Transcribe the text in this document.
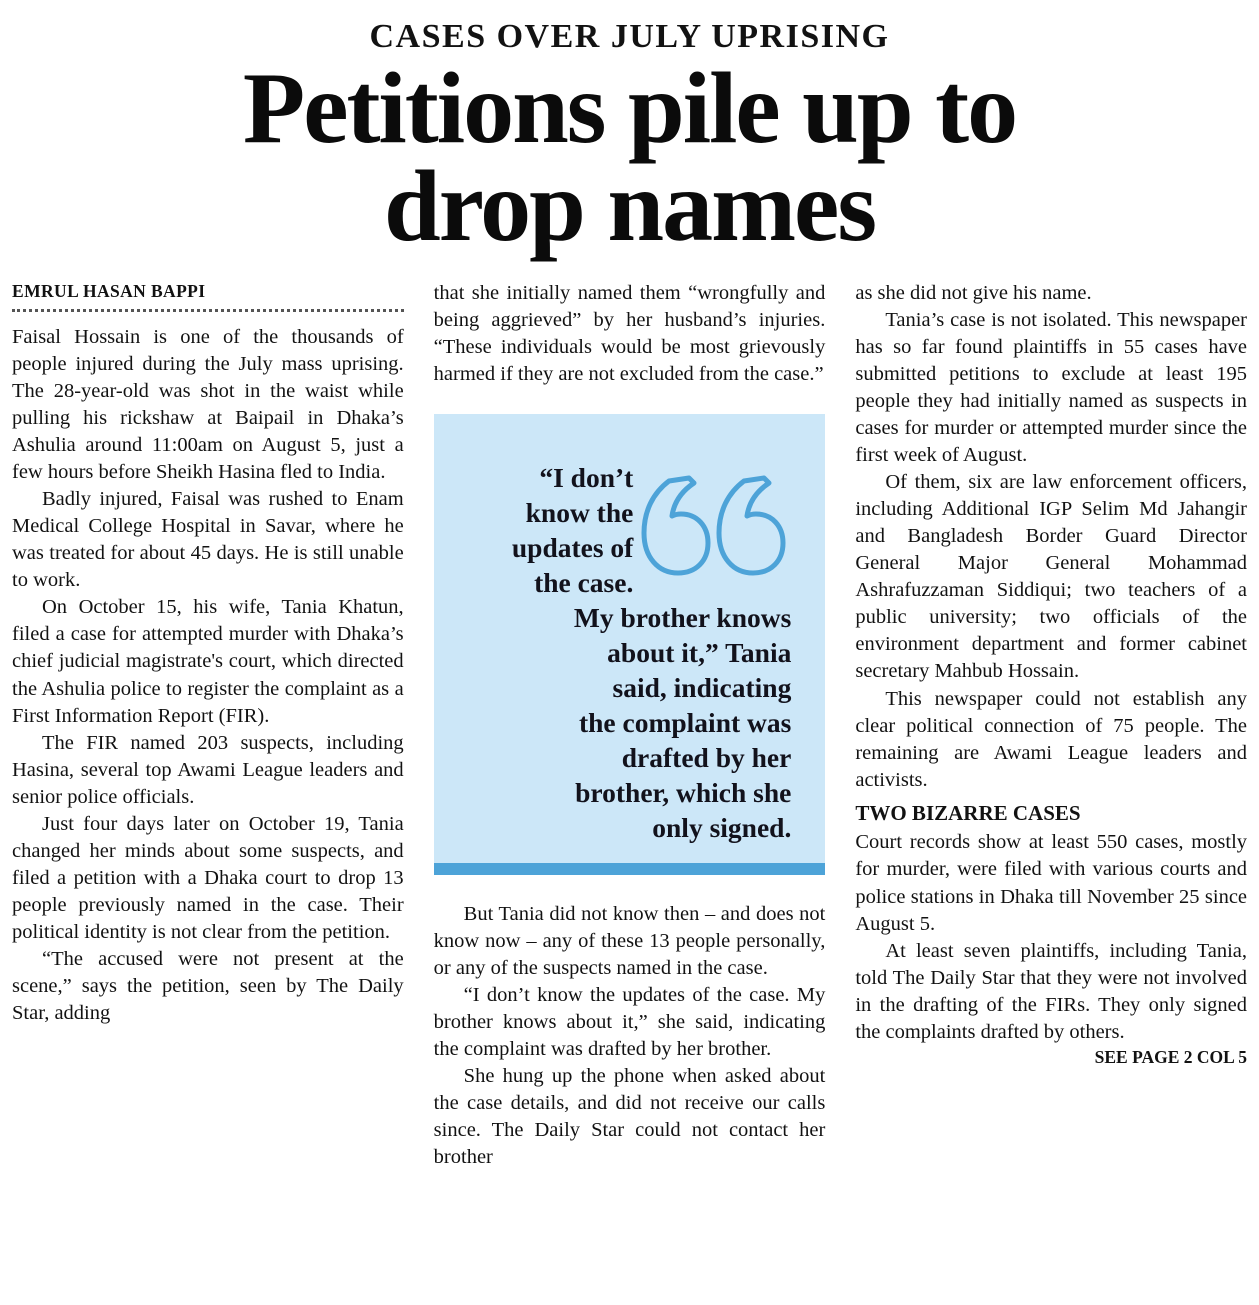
CASES OVER JULY UPRISING
Petitions pile up to
drop names
EMRUL HASAN BAPPI

Faisal Hossain is one of the thousands of people injured during the July mass uprising. The 28-year-old was shot in the waist while pulling his rickshaw at Baipail in Dhaka’s Ashulia around 11:00am on August 5, just a few hours before Sheikh Hasina fled to India.

Badly injured, Faisal was rushed to Enam Medical College Hospital in Savar, where he was treated for about 45 days. He is still unable to work.

On October 15, his wife, Tania Khatun, filed a case for attempted murder with Dhaka’s chief judicial magistrate's court, which directed the Ashulia police to register the complaint as a First Information Report (FIR).

The FIR named 203 suspects, including Hasina, several top Awami League leaders and senior police officials.

Just four days later on October 19, Tania changed her minds about some suspects, and filed a petition with a Dhaka court to drop 13 people previously named in the case. Their political identity is not clear from the petition.

“The accused were not present at the scene,” says the petition, seen by The Daily Star, adding

that she initially named them “wrongfully and being aggrieved” by her husband’s injuries. “These individuals would be most grievously harmed if they are not excluded from the case.”

“I don’t
know the
updates of
the case.
My brother knows
about it,” Tania
said, indicating
the complaint was
drafted by her
brother, which she
only signed.

But Tania did not know then – and does not know now – any of these 13 people personally, or any of the suspects named in the case.

“I don’t know the updates of the case. My brother knows about it,” she said, indicating the complaint was drafted by her brother.

She hung up the phone when asked about the case details, and did not receive our calls since. The Daily Star could not contact her brother

as she did not give his name.

Tania’s case is not isolated. This newspaper has so far found plaintiffs in 55 cases have submitted petitions to exclude at least 195 people they had initially named as suspects in cases for murder or attempted murder since the first week of August.

Of them, six are law enforcement officers, including Additional IGP Selim Md Jahangir and Bangladesh Border Guard Director General Major General Mohammad Ashrafuzzaman Siddiqui; two teachers of a public university; two officials of the environment department and former cabinet secretary Mahbub Hossain.

This newspaper could not establish any clear political connection of 75 people. The remaining are Awami League leaders and activists.

TWO BIZARRE CASES

Court records show at least 550 cases, mostly for murder, were filed with various courts and police stations in Dhaka till November 25 since August 5.

At least seven plaintiffs, including Tania, told The Daily Star that they were not involved in the drafting of the FIRs. They only signed the complaints drafted by others.

SEE PAGE 2 COL 5
